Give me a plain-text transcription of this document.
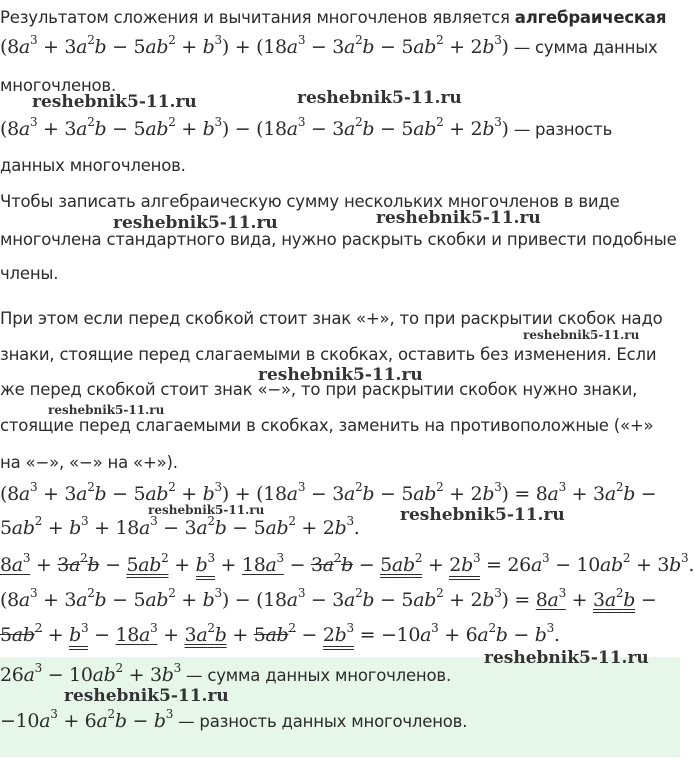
Результатом сложения и вычитания многочленов является алгебраическая
$(8a^3 + 3a^2b - 5ab^2 + b^3) + (18a^3 - 3a^2b - 5ab^2 + 2b^3)$ — сумма данных
многочленов.
$(8a^3 + 3a^2b - 5ab^2 + b^3) - (18a^3 - 3a^2b - 5ab^2 + 2b^3)$ — разность
данных многочленов.
Чтобы записать алгебраическую сумму нескольких многочленов в виде
многочлена стандартного вида, нужно раскрыть скобки и привести подобные
члены.
При этом если перед скобкой стоит знак «+», то при раскрытии скобок надо
знаки, стоящие перед слагаемыми в скобках, оставить без изменения. Если
же перед скобкой стоит знак «−», то при раскрытии скобок нужно знаки,
стоящие перед слагаемыми в скобках, заменить на противоположные («+»
на «−», «−» на «+»).
$(8a^3 + 3a^2b - 5ab^2 + b^3) + (18a^3 - 3a^2b - 5ab^2 + 2b^3) = 8a^3 + 3a^2b$ −
$5ab^2 + b^3 + 18a^3 - 3a^2b - 5ab^2 + 2b^3$.
$8a^3 + 3a^2b - 5ab^2 + b^3 + 18a^3 - 3a^2b - 5ab^2 + 2b^3 = 26a^3 - 10ab^2 + 3b^3$.
$(8a^3 + 3a^2b - 5ab^2 + b^3) - (18a^3 - 3a^2b - 5ab^2 + 2b^3) = 8a^3 + 3a^2b$ −
$5ab^2 + b^3 - 18a^3 + 3a^2b + 5ab^2 - 2b^3 = -10a^3 + 6a^2b - b^3$.
$26a^3 - 10ab^2 + 3b^3$ — сумма данных многочленов.
$-10a^3 + 6a^2b - b^3$ — разность данных многочленов.
reshebnik5-11.ru	reshebnik5-11.ru
reshebnik5-11.ru	reshebnik5-11.ru
reshebnik5-11.ru
reshebnik5-11.ru
reshebnik5-11.ru
reshebnik5-11.ru	reshebnik5-11.ru
reshebnik5-11.ru
reshebnik5-11.ru
